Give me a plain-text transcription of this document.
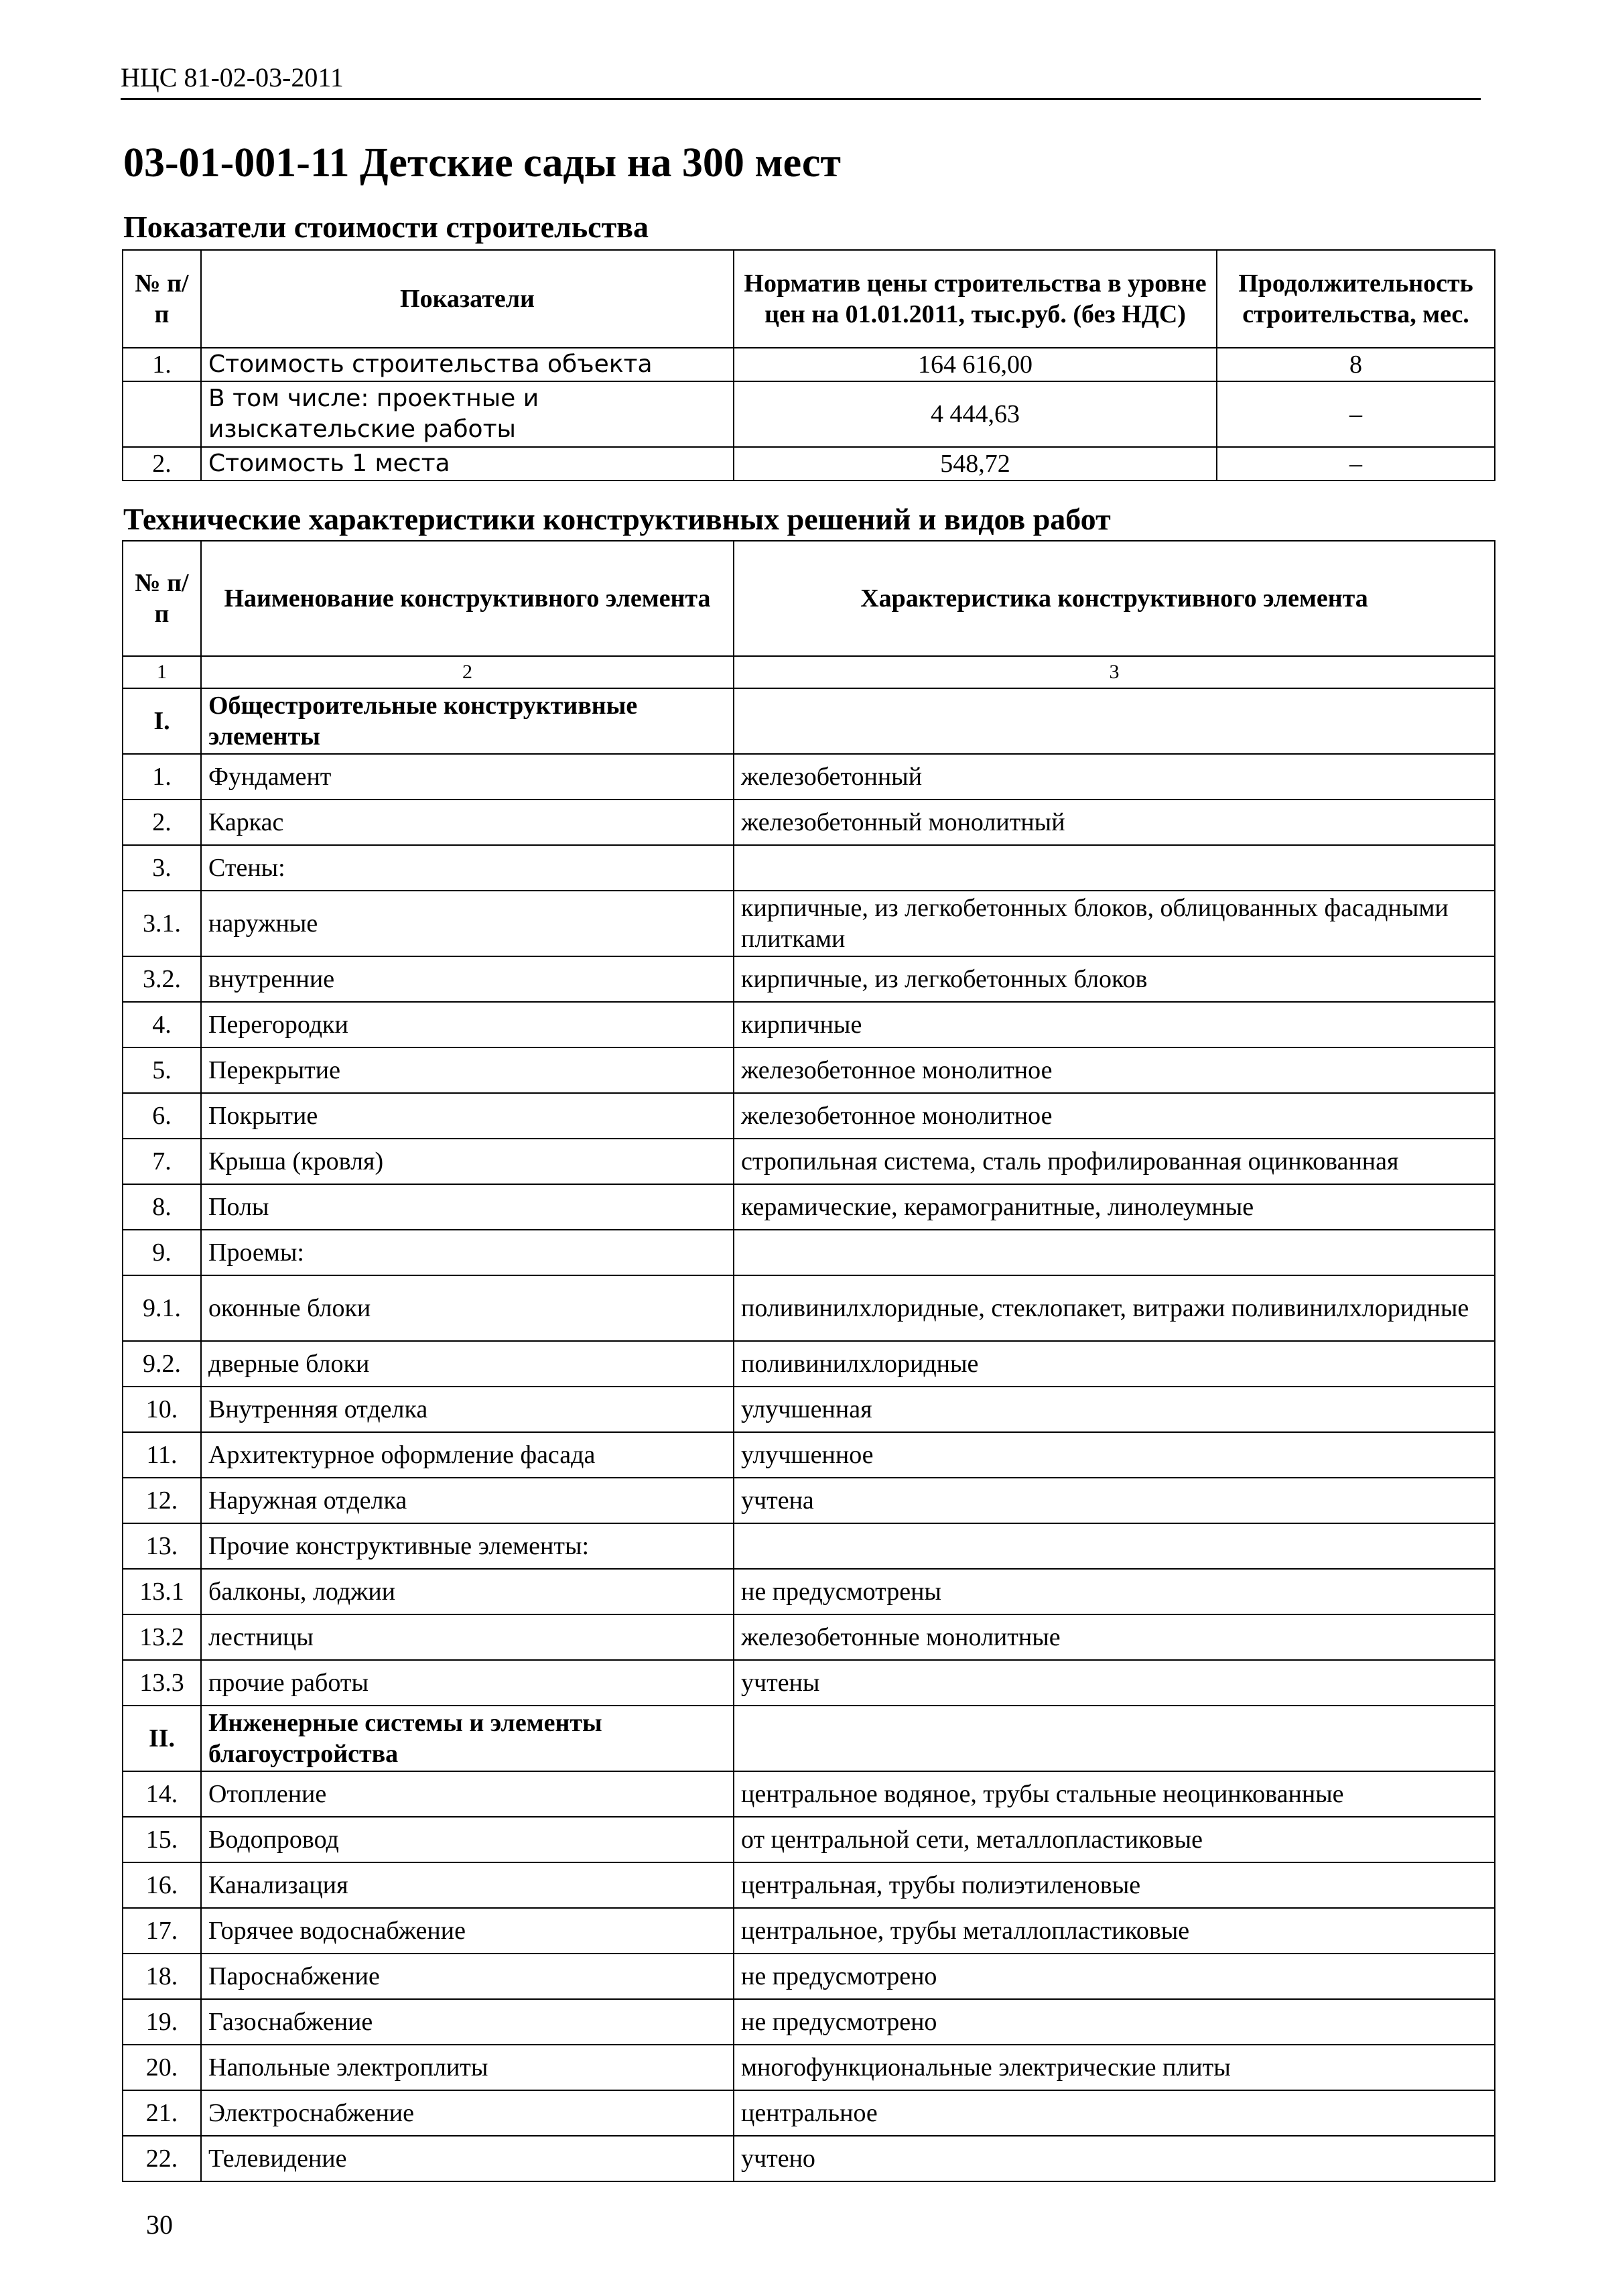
НЦС 81-02-03-2011
03-01-001-11 Детские сады на 300 мест
Показатели стоимости строительства
№ п/п	Показатели	Норматив цены строительства в уровне цен на 01.01.2011, тыс.руб. (без НДС)	Продолжительность строительства, мес.
1.	Стоимость строительства объекта	164 616,00	8
	В том числе: проектные и изыскательские работы	4 444,63	–
2.	Стоимость 1 места	548,72	–
Технические характеристики конструктивных решений и видов работ
№ п/п	Наименование конструктивного элемента	Характеристика конструктивного элемента
1	2	3
I.	Общестроительные конструктивные элементы	
1.	Фундамент	железобетонный
2.	Каркас	железобетонный монолитный
3.	Стены:	
3.1.	наружные	кирпичные, из легкобетонных блоков, облицованных фасадными плитками
3.2.	внутренние	кирпичные, из легкобетонных блоков
4.	Перегородки	кирпичные
5.	Перекрытие	железобетонное монолитное
6.	Покрытие	железобетонное монолитное
7.	Крыша (кровля)	стропильная система, сталь профилированная оцинкованная
8.	Полы	керамические, керамогранитные, линолеумные
9.	Проемы:	
9.1.	оконные блоки	поливинилхлоридные, стеклопакет, витражи поливинилхлоридные
9.2.	дверные блоки	поливинилхлоридные
10.	Внутренняя отделка	улучшенная
11.	Архитектурное оформление фасада	улучшенное
12.	Наружная отделка	учтена
13.	Прочие конструктивные элементы:	
13.1	балконы, лоджии	не предусмотрены
13.2	лестницы	железобетонные монолитные
13.3	прочие работы	учтены
II.	Инженерные системы и элементы благоустройства	
14.	Отопление	центральное водяное, трубы стальные неоцинкованные
15.	Водопровод	от центральной сети, металлопластиковые
16.	Канализация	центральная, трубы полиэтиленовые
17.	Горячее водоснабжение	центральное, трубы металлопластиковые
18.	Пароснабжение	не предусмотрено
19.	Газоснабжение	не предусмотрено
20.	Напольные электроплиты	многофункциональные электрические плиты
21.	Электроснабжение	центральное
22.	Телевидение	учтено
30
